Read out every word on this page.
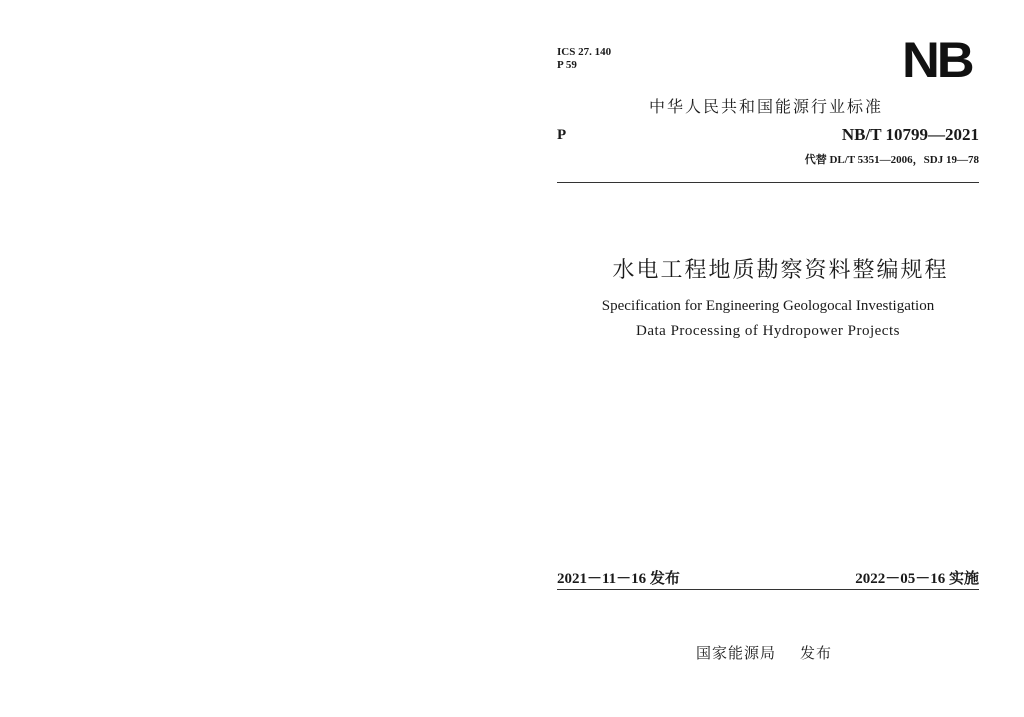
ICS 27. 140
P 59	NB
中华人民共和国能源行业标准
P	NB/T 10799—2021
代替 DL/T 5351—2006，SDJ 19—78
水电工程地质勘察资料整编规程
Specification for Engineering Geologocal Investigation
Data Processing of Hydropower Projects
2021－11－16 发布	2022－05－16 实施
国家能源局 发布
